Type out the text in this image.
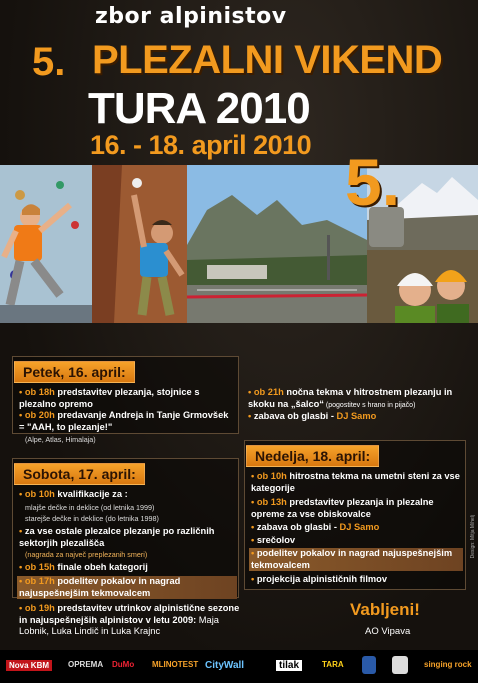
zbor alpinistov
5. PLEZALNI VIKEND
TURA 2010
16. - 18. april 2010 5.
Petek, 16. april:
• ob 18h predstavitev plezanja, stojnice s plezalno opremo
• ob 20h predavanje Andreja in Tanje Grmovšek = "AAH, to plezanje!"
(Alpe, Atlas, Himalaja)
• ob 21h nočna tekma v hitrostnem plezanju in skoku na „šalco“ (pogostitev s hrano in pijačo)
• zabava ob glasbi - DJ Samo
Sobota, 17. april:
• ob 10h kvalifikacije za :
mlajše dečke in deklice (od letnika 1999)
starejše dečke in deklice (do letnika 1998)
• za vse ostale plezalce plezanje po različnih sektorjih plezališča
(nagrada za največ preplezanih smeri)
• ob 15h finale obeh kategorij
• ob 17h podelitev pokalov in nagrad najuspešnejšim tekmovalcem
• ob 19h predstavitev utrinkov alpinistične sezone in najuspešnejših alpinistov v letu 2009: Maja Lobnik, Luka Lindič in Luka Krajnc
Nedelja, 18. april:
• ob 10h hitrostna tekma na umetni steni za vse kategorije
• ob 13h predstavitev plezanja in plezalne opreme za vse obiskovalce
• zabava ob glasbi - DJ Samo
• srečolov
• podelitev pokalov in nagrad najuspešnejšim tekmovalcem
• projekcija alpinističnih filmov
Design: Mitja Mihelj
Vabljeni!
AO Vipava
Nova KBM	OPREMA DuMo MLINOTEST CityWall	tilak	TARA	singing rock
